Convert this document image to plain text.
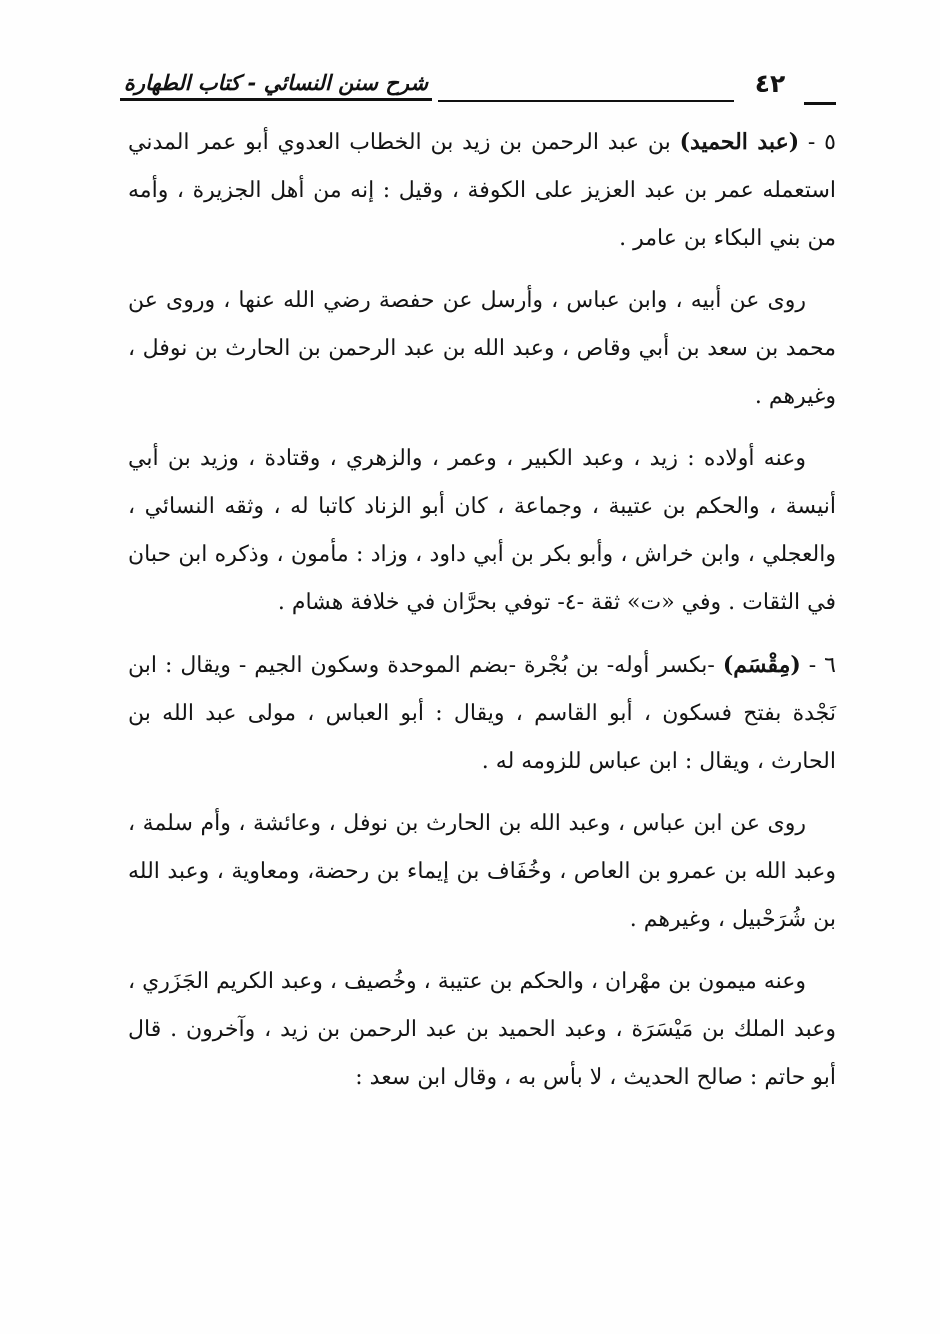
شرح سنن النسائي - كتاب الطهارة	٤٢

٥ - (عبد الحميد) بن عبد الرحمن بن زيد بن الخطاب العدوي أبو عمر المدني استعمله عمر بن عبد العزيز على الكوفة ، وقيل : إنه من أهل الجزيرة ، وأمه من بني البكاء بن عامر .

روى عن أبيه ، وابن عباس ، وأرسل عن حفصة رضي الله عنها ، وروى عن محمد بن سعد بن أبي وقاص ، وعبد الله بن عبد الرحمن بن الحارث بن نوفل ، وغيرهم .

وعنه أولاده : زيد ، وعبد الكبير ، وعمر ، والزهري ، وقتادة ، وزيد بن أبي أنيسة ، والحكم بن عتيبة ، وجماعة ، كان أبو الزناد كاتبا له ، وثقه النسائي ، والعجلي ، وابن خراش ، وأبو بكر بن أبي داود ، وزاد : مأمون ، وذكره ابن حبان في الثقات . وفي «ت» ثقة -٤- توفي بحرَّان في خلافة هشام .

٦ - (مِقْسَم) -بكسر أوله- بن بُجْرة -بضم الموحدة وسكون الجيم - ويقال : ابن نَجْدة بفتح فسكون ، أبو القاسم ، ويقال : أبو العباس ، مولى عبد الله بن الحارث ، ويقال : ابن عباس للزومه له .

روى عن ابن عباس ، وعبد الله بن الحارث بن نوفل ، وعائشة ، وأم سلمة ، وعبد الله بن عمرو بن العاص ، وخُفَاف بن إيماء بن رحضة، ومعاوية ، وعبد الله بن شُرَحْبيل ، وغيرهم .

وعنه ميمون بن مهْران ، والحكم بن عتيبة ، وخُصيف ، وعبد الكريم الجَزَري ، وعبد الملك بن مَيْسَرَة ، وعبد الحميد بن عبد الرحمن بن زيد ، وآخرون . قال أبو حاتم : صالح الحديث ، لا بأس به ، وقال ابن سعد :
